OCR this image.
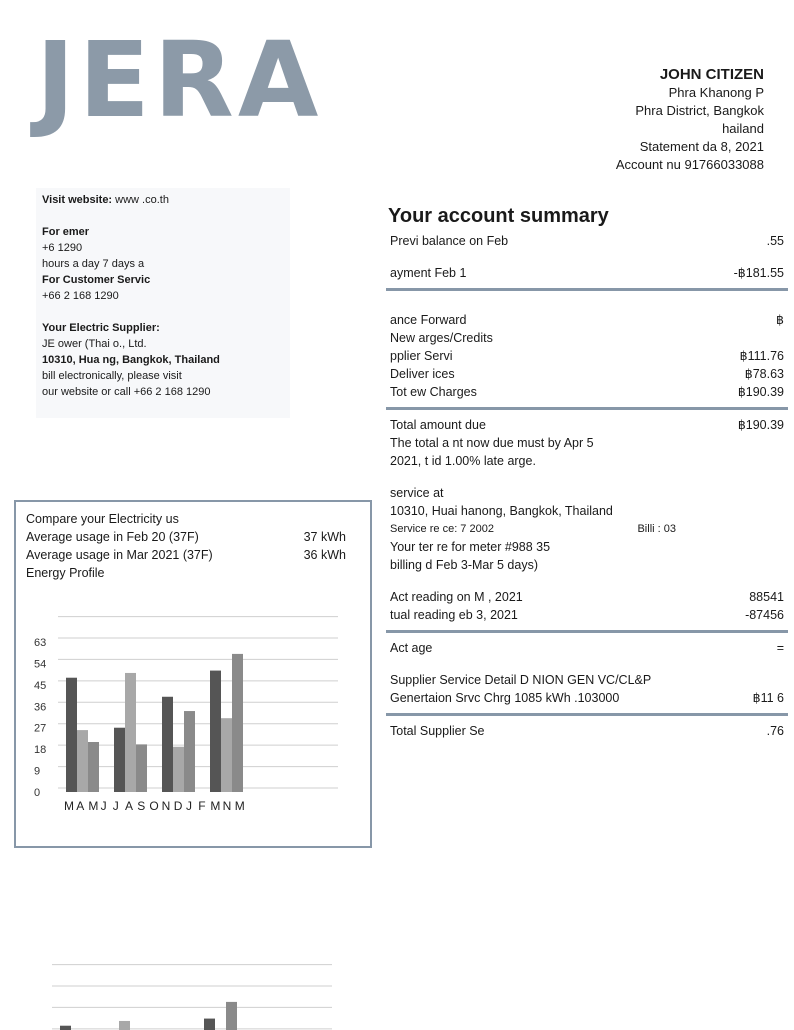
JERA	JOHN CITIZEN
Phra Khanong P
Phra District, Bangkok
hailand
Statement da 8, 2021
Account nu 91766033088

Visit website: www .co.th

For emer

+6 1290

hours a day 7 days a

For Customer Servic

+66 2 168 1290

Your Electric Supplier:

JE ower (Thai o., Ltd.

10310, Hua ng, Bangkok, Thailand

bill electronically, please visit

our website or call +66 2 168 1290

Your account summary
Previ balance on Feb	.55
ayment Feb 1	-฿181.55
ance Forward	฿
New arges/Credits
pplier Servi	฿111.76
Deliver ices	฿78.63
Tot ew Charges	฿190.39
Total amount due	฿190.39
The total a nt now due must by Apr 5
2021, t id 1.00% late arge.
service at
10310, Huai hanong, Bangkok, Thailand
Service re ce: 7 2002	Billi : 03
Your ter re for meter #988 35
billing d Feb 3-Mar 5 days)
Act reading on M , 2021	88541
tual reading eb 3, 2021	-87456
Act age	=
Supplier Service Detail D NION GEN VC/CL&P
Genertaion Srvc Chrg 1085 kWh .103000	฿11 6
Total Supplier Se	.76
Compare your Electricity us
Average usage in Feb 20 (37F)	37 kWh
Average usage in Mar 2021 (37F)	36 kWh
Energy Profile
0
9
18
27
36
45
54
63
M A M J J A S O N D J F M N M
